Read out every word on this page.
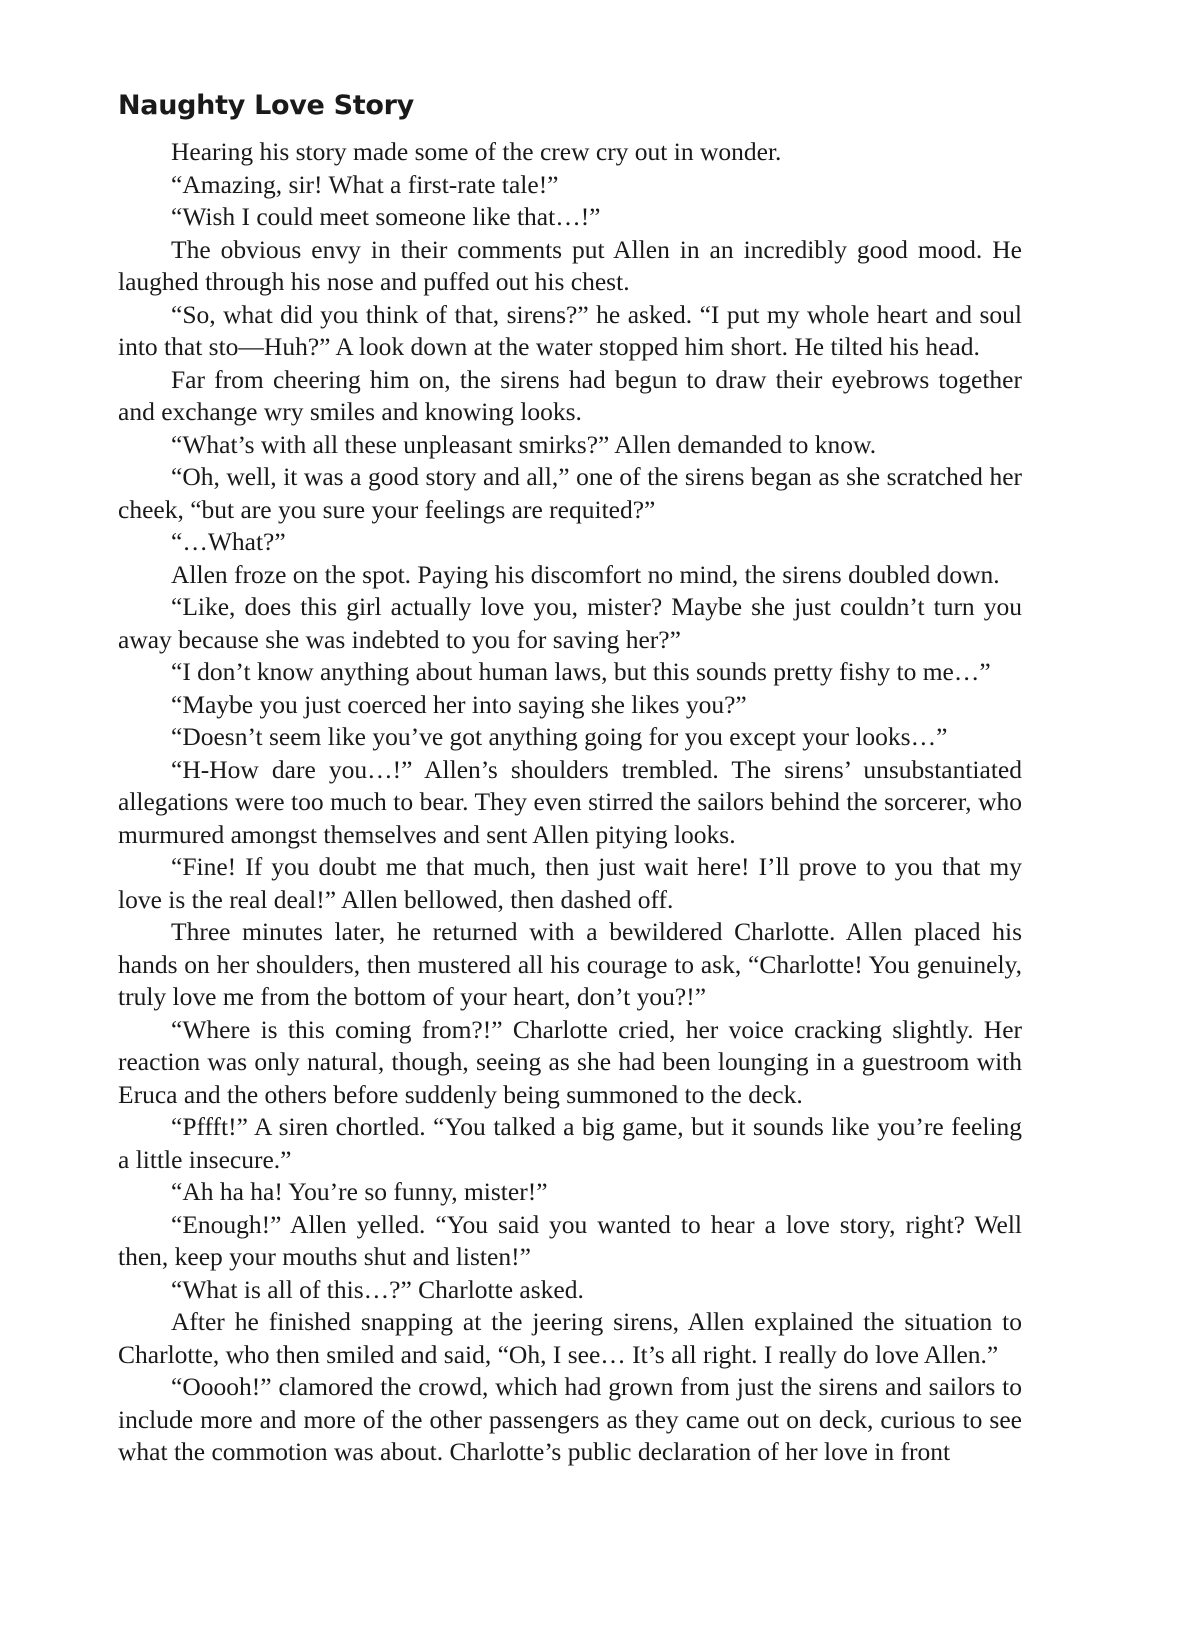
Naughty Love Story

Hearing his story made some of the crew cry out in wonder.

“Amazing, sir! What a first-rate tale!”

“Wish I could meet someone like that…!”

The obvious envy in their comments put Allen in an incredibly good mood. He laughed through his nose and puffed out his chest.

“So, what did you think of that, sirens?” he asked. “I put my whole heart and soul into that sto—Huh?” A look down at the water stopped him short. He tilted his head.

Far from cheering him on, the sirens had begun to draw their eyebrows together and exchange wry smiles and knowing looks.

“What’s with all these unpleasant smirks?” Allen demanded to know.

“Oh, well, it was a good story and all,” one of the sirens began as she scratched her cheek, “but are you sure your feelings are requited?”

“…What?”

Allen froze on the spot. Paying his discomfort no mind, the sirens doubled down.

“Like, does this girl actually love you, mister? Maybe she just couldn’t turn you away because she was indebted to you for saving her?”

“I don’t know anything about human laws, but this sounds pretty fishy to me…”

“Maybe you just coerced her into saying she likes you?”

“Doesn’t seem like you’ve got anything going for you except your looks…”

“H-How dare you…!” Allen’s shoulders trembled. The sirens’ unsubstantiated allegations were too much to bear. They even stirred the sailors behind the sorcerer, who murmured amongst themselves and sent Allen pitying looks.

“Fine! If you doubt me that much, then just wait here! I’ll prove to you that my love is the real deal!” Allen bellowed, then dashed off.

Three minutes later, he returned with a bewildered Charlotte. Allen placed his hands on her shoulders, then mustered all his courage to ask, “Charlotte! You genuinely, truly love me from the bottom of your heart, don’t you?!”

“Where is this coming from?!” Charlotte cried, her voice cracking slightly. Her reaction was only natural, though, seeing as she had been lounging in a guestroom with Eruca and the others before suddenly being summoned to the deck.

“Pffft!” A siren chortled. “You talked a big game, but it sounds like you’re feeling a little insecure.”

“Ah ha ha! You’re so funny, mister!”

“Enough!” Allen yelled. “You said you wanted to hear a love story, right? Well then, keep your mouths shut and listen!”

“What is all of this…?” Charlotte asked.

After he finished snapping at the jeering sirens, Allen explained the situation to Charlotte, who then smiled and said, “Oh, I see… It’s all right. I really do love Allen.”

“Ooooh!” clamored the crowd, which had grown from just the sirens and sailors to include more and more of the other passengers as they came out on deck, curious to see what the commotion was about. Charlotte’s public declaration of her love in front
